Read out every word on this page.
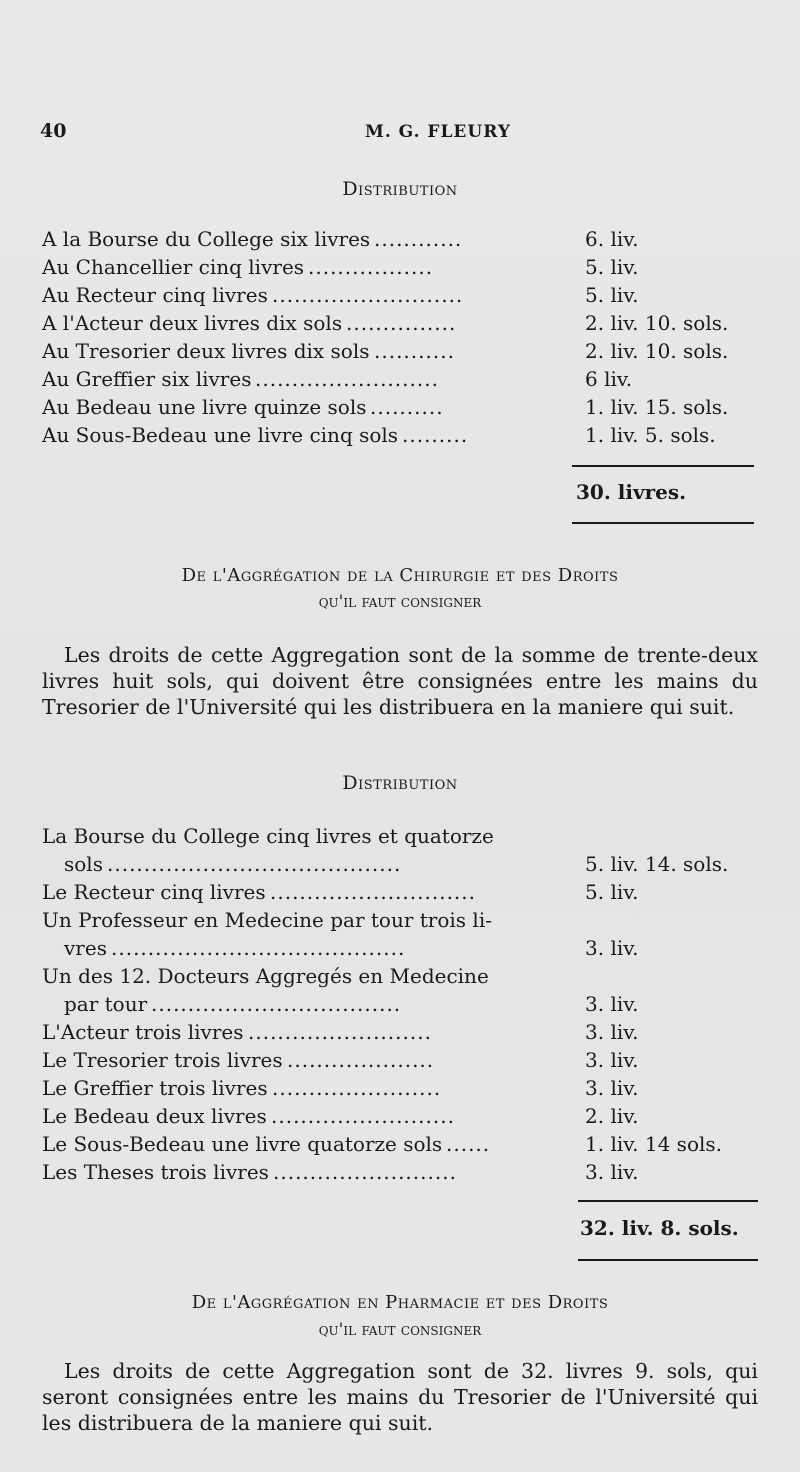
40	M. G. FLEURY
Distribution
A la Bourse du College six livres ............	6. liv.
Au Chancellier cinq livres .................	5. liv.
Au Recteur cinq livres ..........................	5. liv.
A l'Acteur deux livres dix sols ...............	2. liv. 10. sols.
Au Tresorier deux livres dix sols ...........	2. liv. 10. sols.
Au Greffier six livres .........................	6 liv.
Au Bedeau une livre quinze sols ..........	1. liv. 15. sols.
Au Sous-Bedeau une livre cinq sols .........	1. liv. 5. sols.
30. livres.
De l'Aggrégation de la Chirurgie et des Droits
qu'il faut consigner
Les droits de cette Aggregation sont de la somme de trente-deux livres huit sols, qui doivent être consignées entre les mains du Tresorier de l'Université qui les distribuera en la maniere qui suit.
Distribution
La Bourse du College cinq livres et quatorze
sols ........................................	5. liv. 14. sols.
Le Recteur cinq livres ............................	5. liv.
Un Professeur en Medecine par tour trois li-
vres ........................................	3. liv.
Un des 12. Docteurs Aggregés en Medecine
par tour ..................................	3. liv.
L'Acteur trois livres .........................	3. liv.
Le Tresorier trois livres ....................	3. liv.
Le Greffier trois livres .......................	3. liv.
Le Bedeau deux livres .........................	2. liv.
Le Sous-Bedeau une livre quatorze sols ......	1. liv. 14 sols.
Les Theses trois livres .........................	3. liv.
32. liv. 8. sols.
De l'Aggrégation en Pharmacie et des Droits
qu'il faut consigner
Les droits de cette Aggregation sont de 32. livres 9. sols, qui seront consignées entre les mains du Tresorier de l'Université qui les distribuera de la maniere qui suit.
